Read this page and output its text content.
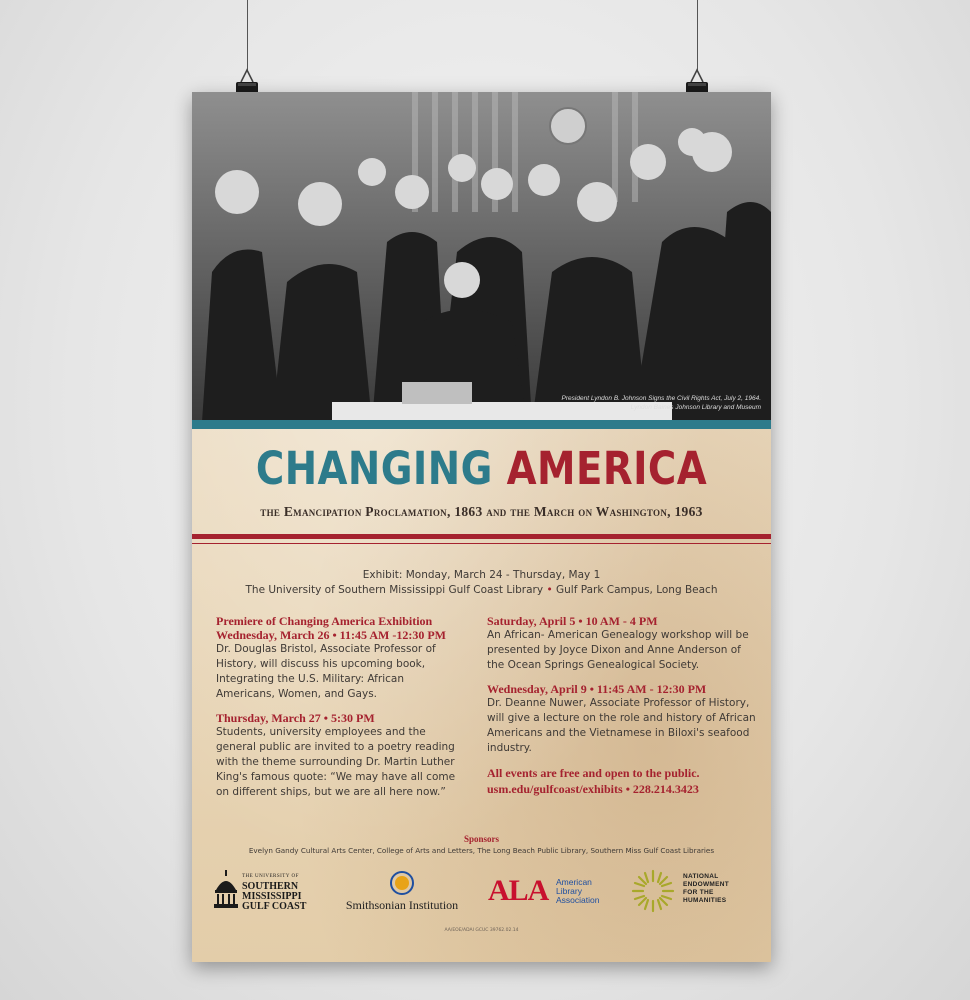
President Lyndon B. Johnson Signs the Civil Rights Act, July 2, 1964.
Lyndon Baines Johnson Library and Museum
CHANGING AMERICA
the Emancipation Proclamation, 1863 and the March on Washington, 1963
Exhibit: Monday, March 24 - Thursday, May 1
The University of Southern Mississippi Gulf Coast Library • Gulf Park Campus, Long Beach
Premiere of Changing America Exhibition
Wednesday, March 26 • 11:45 AM -12:30 PM
Dr. Douglas Bristol, Associate Professor of History, will discuss his upcoming book, Integrating the U.S. Military: African Americans, Women, and Gays.
Thursday, March 27 • 5:30 PM
Students, university employees and the general public are invited to a poetry reading with the theme surrounding Dr. Martin Luther King's famous quote: “We may have all come on different ships, but we are all here now.”
Saturday, April 5 • 10 AM - 4 PM
An African- American Genealogy workshop will be presented by Joyce Dixon and Anne Anderson of the Ocean Springs Genealogical Society.
Wednesday, April 9 • 11:45 AM - 12:30 PM
Dr. Deanne Nuwer, Associate Professor of History, will give a lecture on the role and history of African Americans and the Vietnamese in Biloxi's seafood industry.
All events are free and open to the public.
usm.edu/gulfcoast/exhibits • 228.214.3423
Sponsors
Evelyn Gandy Cultural Arts Center, College of Arts and Letters, The Long Beach Public Library, Southern Miss Gulf Coast Libraries
THE UNIVERSITY OF
SOUTHERN
MISSISSIPPI
GULF COAST	Smithsonian Institution ALA American
Library
Association
NATIONAL
ENDOWMENT
FOR THE
HUMANITIES
AA/EOE/ADAI GCUC 39762.02.14
